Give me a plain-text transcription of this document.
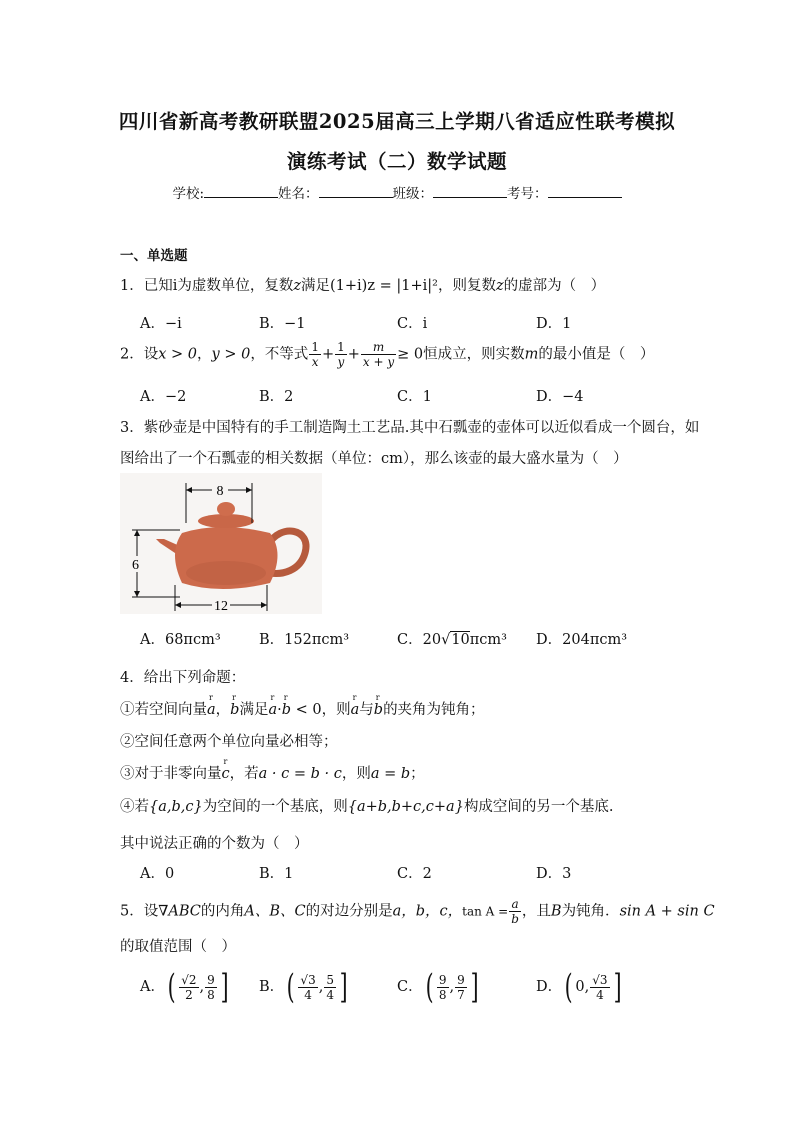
四川省新高考教研联盟2025届高三上学期八省适应性联考模拟
演练考试（二）数学试题
学校:	姓名：	班级：	考号：
一、单选题
1．已知i为虚数单位，复数z满足(1+i)z = |1+i|²，则复数z的虚部为（　）
A．−i	B．−1	C．i	D．1
2．设x > 0，y > 0，不等式 $\frac{1}{x} + \frac{1}{y} + \frac{m}{x + y} \ge 0$恒成立，则实数m的最小值是（　）
A．−2	B．2	C．1	D．−4
3．紫砂壶是中国特有的手工制造陶土工艺品.其中石瓢壶的壶体可以近似看成一个圆台，如
图给出了一个石瓢壶的相关数据（单位：cm），那么该壶的最大盛水量为（　）
8
6
12
A．68πcm³	B．152πcm³	C．20√10πcm³ D．204πcm³
4．给出下列命题：
①若空间向量r a，r b满足r a·r b < 0，则r a与r b的夹角为钝角；
②空间任意两个单位向量必相等；
③对于非零向量r c，若a · c = b · c，则a = b；
④若{a,b,c}为空间的一个基底，则{a+b,b+c,c+a}构成空间的另一个基底.
其中说法正确的个数为（　）
A．0	B．1	C．2	D．3
5．设∇ABC的内角A、B、C的对边分别是a，b，c，$\tan A = \frac{a}{b}$ ，且B为钝角．sin A + sin C
的取值范围（　）
A．( $\frac{√2}{2}$ , $\frac{9}{8}$ ] B．( $\frac{√3}{4}$ , $\frac{5}{4}$ ]	C．( $\frac{9}{8}$ , $\frac{9}{7}$ ]	D．( 0, $\frac{√3}{4}$ ]
